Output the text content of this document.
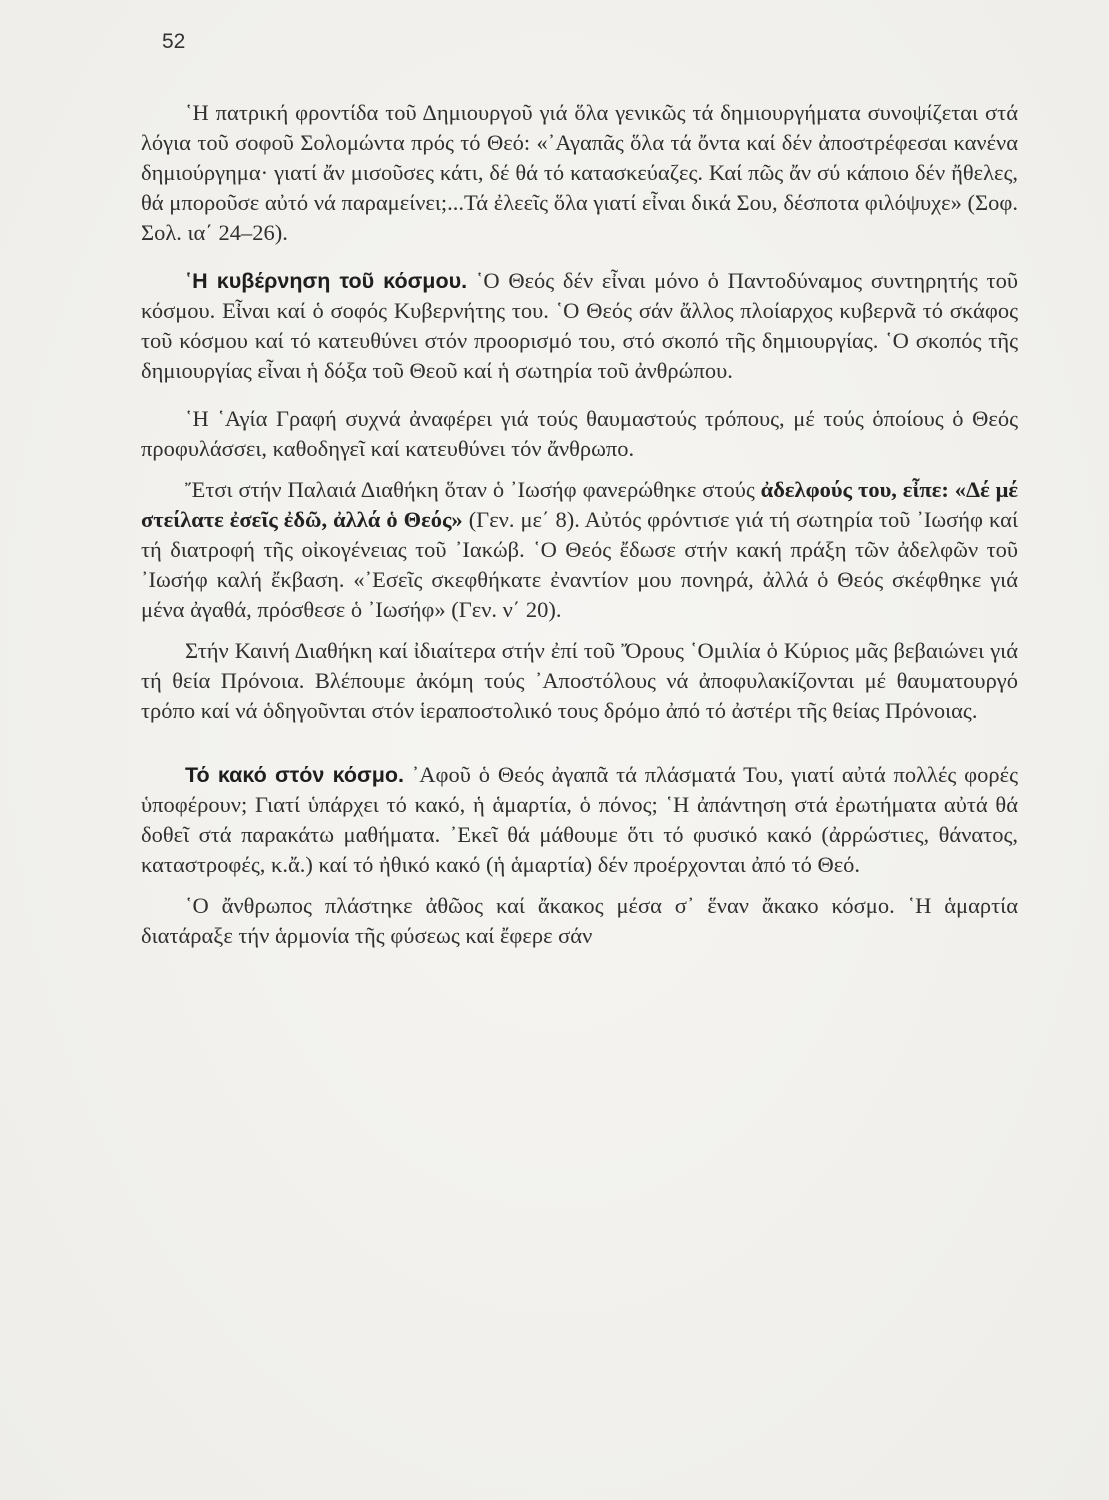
52

῾Η πατρική φροντίδα τοῦ Δημιουργοῦ γιά ὅλα γενικῶς τά δημιουργήματα συνοψίζεται στά λόγια τοῦ σοφοῦ Σολομώντα πρός τό Θεό: «᾿Αγαπᾶς ὅλα τά ὄντα καί δέν ἀποστρέφεσαι κανένα δημιούργημα· γιατί ἄν μισοῦσες κάτι, δέ θά τό κατασκεύαζες. Καί πῶς ἄν σύ κάποιο δέν ἤθελες, θά μποροῦσε αὐτό νά παραμείνει;...Τά ἐλεεῖς ὅλα γιατί εἶναι δικά Σου, δέσποτα φιλόψυχε» (Σοφ. Σολ. ια΄ 24–26).

῾Η κυβέρνηση τοῦ κόσμου. ῾Ο Θεός δέν εἶναι μόνο ὁ Παντοδύναμος συντηρητής τοῦ κόσμου. Εἶναι καί ὁ σοφός Κυβερνήτης του. ῾Ο Θεός σάν ἄλλος πλοίαρχος κυβερνᾶ τό σκάφος τοῦ κόσμου καί τό κατευθύνει στόν προορισμό του, στό σκοπό τῆς δημιουργίας. ῾Ο σκοπός τῆς δημιουργίας εἶναι ἡ δόξα τοῦ Θεοῦ καί ἡ σωτηρία τοῦ ἀνθρώπου.

῾Η ῾Αγία Γραφή συχνά ἀναφέρει γιά τούς θαυμαστούς τρόπους, μέ τούς ὁποίους ὁ Θεός προφυλάσσει, καθοδηγεῖ καί κατευθύνει τόν ἄνθρωπο.

Ἔτσι στήν Παλαιά Διαθήκη ὅταν ὁ ᾿Ιωσήφ φανερώθηκε στούς ἀδελφούς του, εἶπε: «Δέ μέ στείλατε ἐσεῖς ἐδῶ, ἀλλά ὁ Θεός» (Γεν. με΄ 8). Αὐτός φρόντισε γιά τή σωτηρία τοῦ ᾿Ιωσήφ καί τή διατροφή τῆς οἰκογένειας τοῦ ᾿Ιακώβ. ῾Ο Θεός ἔδωσε στήν κακή πράξη τῶν ἀδελφῶν τοῦ ᾿Ιωσήφ καλή ἔκβαση. «᾿Εσεῖς σκεφθήκατε ἐναντίον μου πονηρά, ἀλλά ὁ Θεός σκέφθηκε γιά μένα ἀγαθά, πρόσθεσε ὁ ᾿Ιωσήφ» (Γεν. ν΄ 20).

Στήν Καινή Διαθήκη καί ἰδιαίτερα στήν ἐπί τοῦ Ὄρους ῾Ομιλία ὁ Κύριος μᾶς βεβαιώνει γιά τή θεία Πρόνοια. Βλέπουμε ἀκόμη τούς ᾿Αποστόλους νά ἀποφυλακίζονται μέ θαυματουργό τρόπο καί νά ὁδηγοῦνται στόν ἱεραποστολικό τους δρόμο ἀπό τό ἀστέρι τῆς θείας Πρόνοιας.

Τό κακό στόν κόσμο. ᾿Αφοῦ ὁ Θεός ἀγαπᾶ τά πλάσματά Του, γιατί αὐτά πολλές φορές ὑποφέρουν; Γιατί ὑπάρχει τό κακό, ἡ ἁμαρτία, ὁ πόνος; ῾Η ἀπάντηση στά ἐρωτήματα αὐτά θά δοθεῖ στά παρακάτω μαθήματα. ᾿Εκεῖ θά μάθουμε ὅτι τό φυσικό κακό (ἀρρώστιες, θάνατος, καταστροφές, κ.ἄ.) καί τό ἠθικό κακό (ἡ ἁμαρτία) δέν προέρχονται ἀπό τό Θεό.

῾Ο ἄνθρωπος πλάστηκε ἀθῶος καί ἄκακος μέσα σ᾿ ἕναν ἄκακο κόσμο. ῾Η ἁμαρτία διατάραξε τήν ἁρμονία τῆς φύσεως καί ἔφερε σάν
